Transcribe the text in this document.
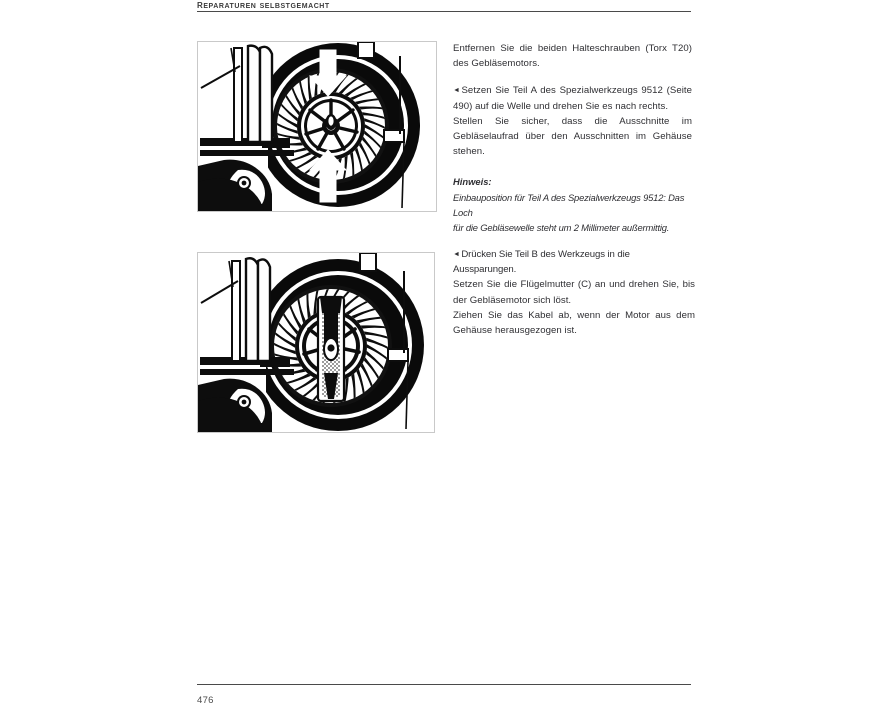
reparaturen selbstgemacht

Entfernen Sie die beiden Halteschrauben (Torx T20) des Gebläsemotors.

◄ Setzen Sie Teil A des Spezialwerkzeugs 9512 (Seite 490) auf die Welle und drehen Sie es nach rechts.

Stellen Sie sicher, dass die Ausschnitte im Gebläselaufrad über den Ausschnitten im Gehäuse stehen.

Hinweis:

Einbauposition für Teil A des Spezialwerkzeugs 9512: Das Loch

für die Gebläsewelle steht um 2 Millimeter außermittig.

◄ Drücken Sie Teil B des Werkzeugs in die Aussparungen.

Setzen Sie die Flügelmutter (C) an und drehen Sie, bis der Gebläsemotor sich löst.

Ziehen Sie das Kabel ab, wenn der Motor aus dem Gehäuse herausgezogen ist.

476
